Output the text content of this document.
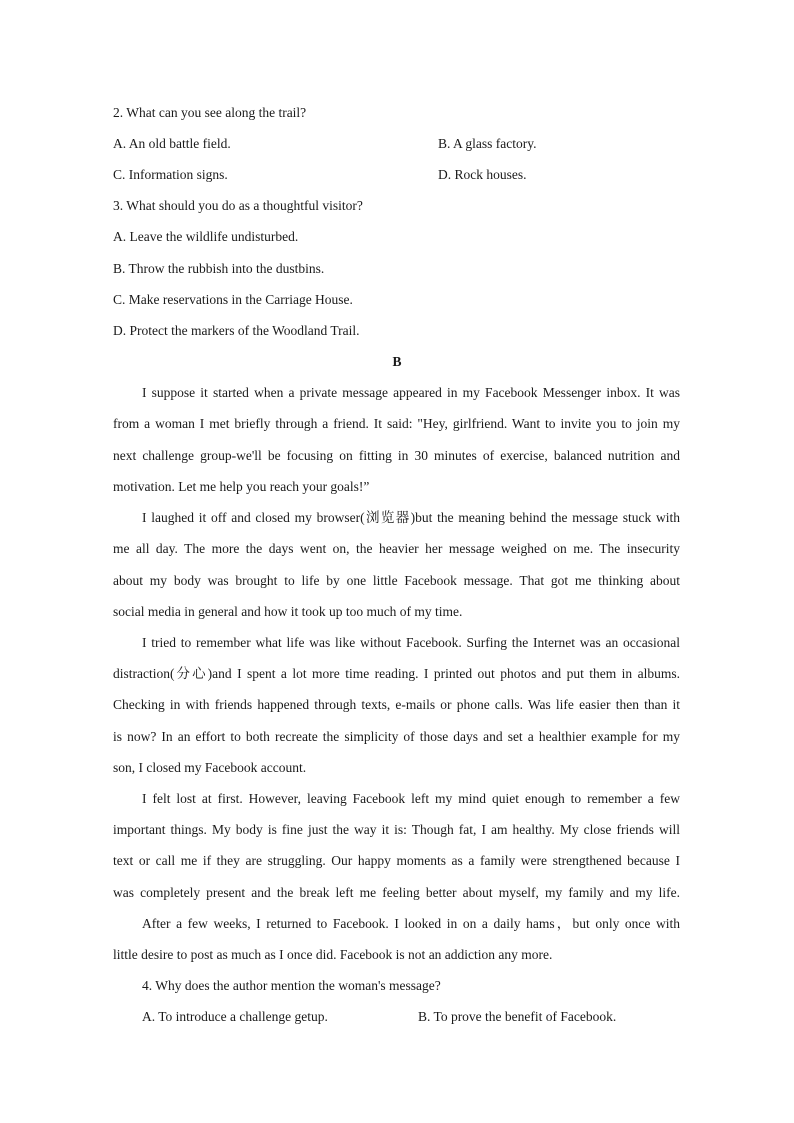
2. What can you see along the trail?
A. An old battle field.	B. A glass factory.
C. Information signs.	D. Rock houses.
3. What should you do as a thoughtful visitor?
A. Leave the wildlife undisturbed.
B. Throw the rubbish into the dustbins.
C. Make reservations in the Carriage House.
D. Protect the markers of the Woodland Trail.
B
I suppose it started when a private message appeared in my Facebook Messenger inbox. It was
from a woman I met briefly through a friend. It said: "Hey, girlfriend. Want to invite you to join my
next challenge group-we'll be focusing on fitting in 30 minutes of exercise, balanced nutrition and
motivation. Let me help you reach your goals!”
I laughed it off and closed my browser(浏览器)but the meaning behind the message stuck with
me all day. The more the days went on, the heavier her message weighed on me. The insecurity
about my body was brought to life by one little Facebook message. That got me thinking about
social media in general and how it took up too much of my time.
I tried to remember what life was like without Facebook. Surfing the Internet was an occasional
distraction(分心)and I spent a lot more time reading. I printed out photos and put them in albums.
Checking in with friends happened through texts, e-mails or phone calls. Was life easier then than it
is now? In an effort to both recreate the simplicity of those days and set a healthier example for my
son, I closed my Facebook account.
I felt lost at first. However, leaving Facebook left my mind quiet enough to remember a few
important things. My body is fine just the way it is: Though fat, I am healthy. My close friends will
text or call me if they are struggling. Our happy moments as a family were strengthened because I
was completely present and the break left me feeling better about myself, my family and my life.
After a few weeks, I returned to Facebook. I looked in on a daily hams，but only once with
little desire to post as much as I once did. Facebook is not an addiction any more.
4. Why does the author mention the woman's message?
A. To introduce a challenge getup.	B. To prove the benefit of Facebook.
